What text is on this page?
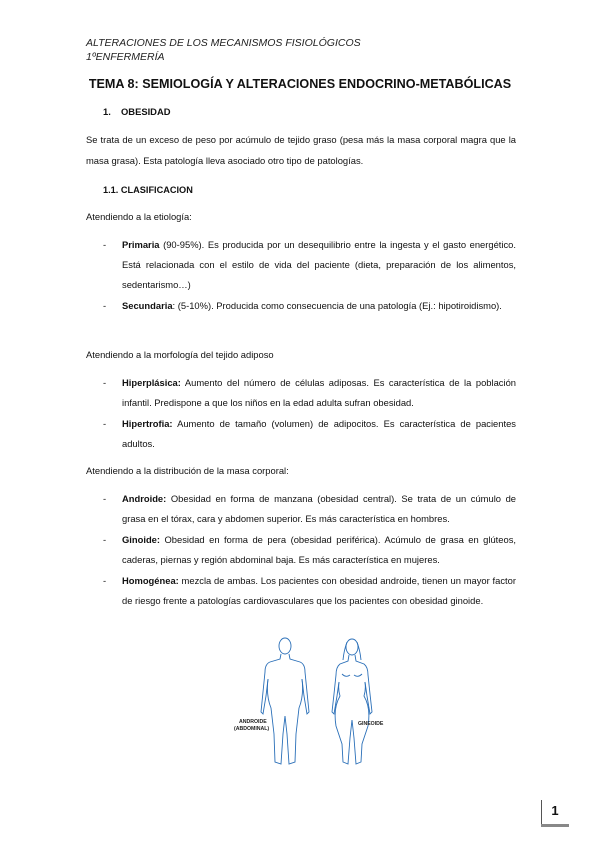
ALTERACIONES DE LOS MECANISMOS FISIOLÓGICOS
1ºENFERMERÍA
TEMA 8: SEMIOLOGÍA Y ALTERACIONES ENDOCRINO-METABÓLICAS
1. OBESIDAD
Se trata de un exceso de peso por acúmulo de tejido graso (pesa más la masa corporal magra que la masa grasa). Esta patología lleva asociado otro tipo de patologías.
1.1. CLASIFICACION
Atendiendo a la etiología:
- Primaria (90-95%). Es producida por un desequilibrio entre la ingesta y el gasto energético. Está relacionada con el estilo de vida del paciente (dieta, preparación de los alimentos, sedentarismo…)
- Secundaria: (5-10%). Producida como consecuencia de una patología (Ej.: hipotiroidismo).
Atendiendo a la morfología del tejido adiposo
- Hiperplásica: Aumento del número de células adiposas. Es característica de la población infantil. Predispone a que los niños en la edad adulta sufran obesidad.
- Hipertrofia: Aumento de tamaño (volumen) de adipocitos. Es característica de pacientes adultos.
Atendiendo a la distribución de la masa corporal:
- Androide: Obesidad en forma de manzana (obesidad central). Se trata de un cúmulo de grasa en el tórax, cara y abdomen superior. Es más característica en hombres.
- Ginoide: Obesidad en forma de pera (obesidad periférica). Acúmulo de grasa en glúteos, caderas, piernas y región abdominal baja. Es más característica en mujeres.
- Homogénea: mezcla de ambas. Los pacientes con obesidad androide, tienen un mayor factor de riesgo frente a patologías cardiovasculares que los pacientes con obesidad ginoide.
ANDROIDE
(ABDOMINAL)
GINEOIDE
1
